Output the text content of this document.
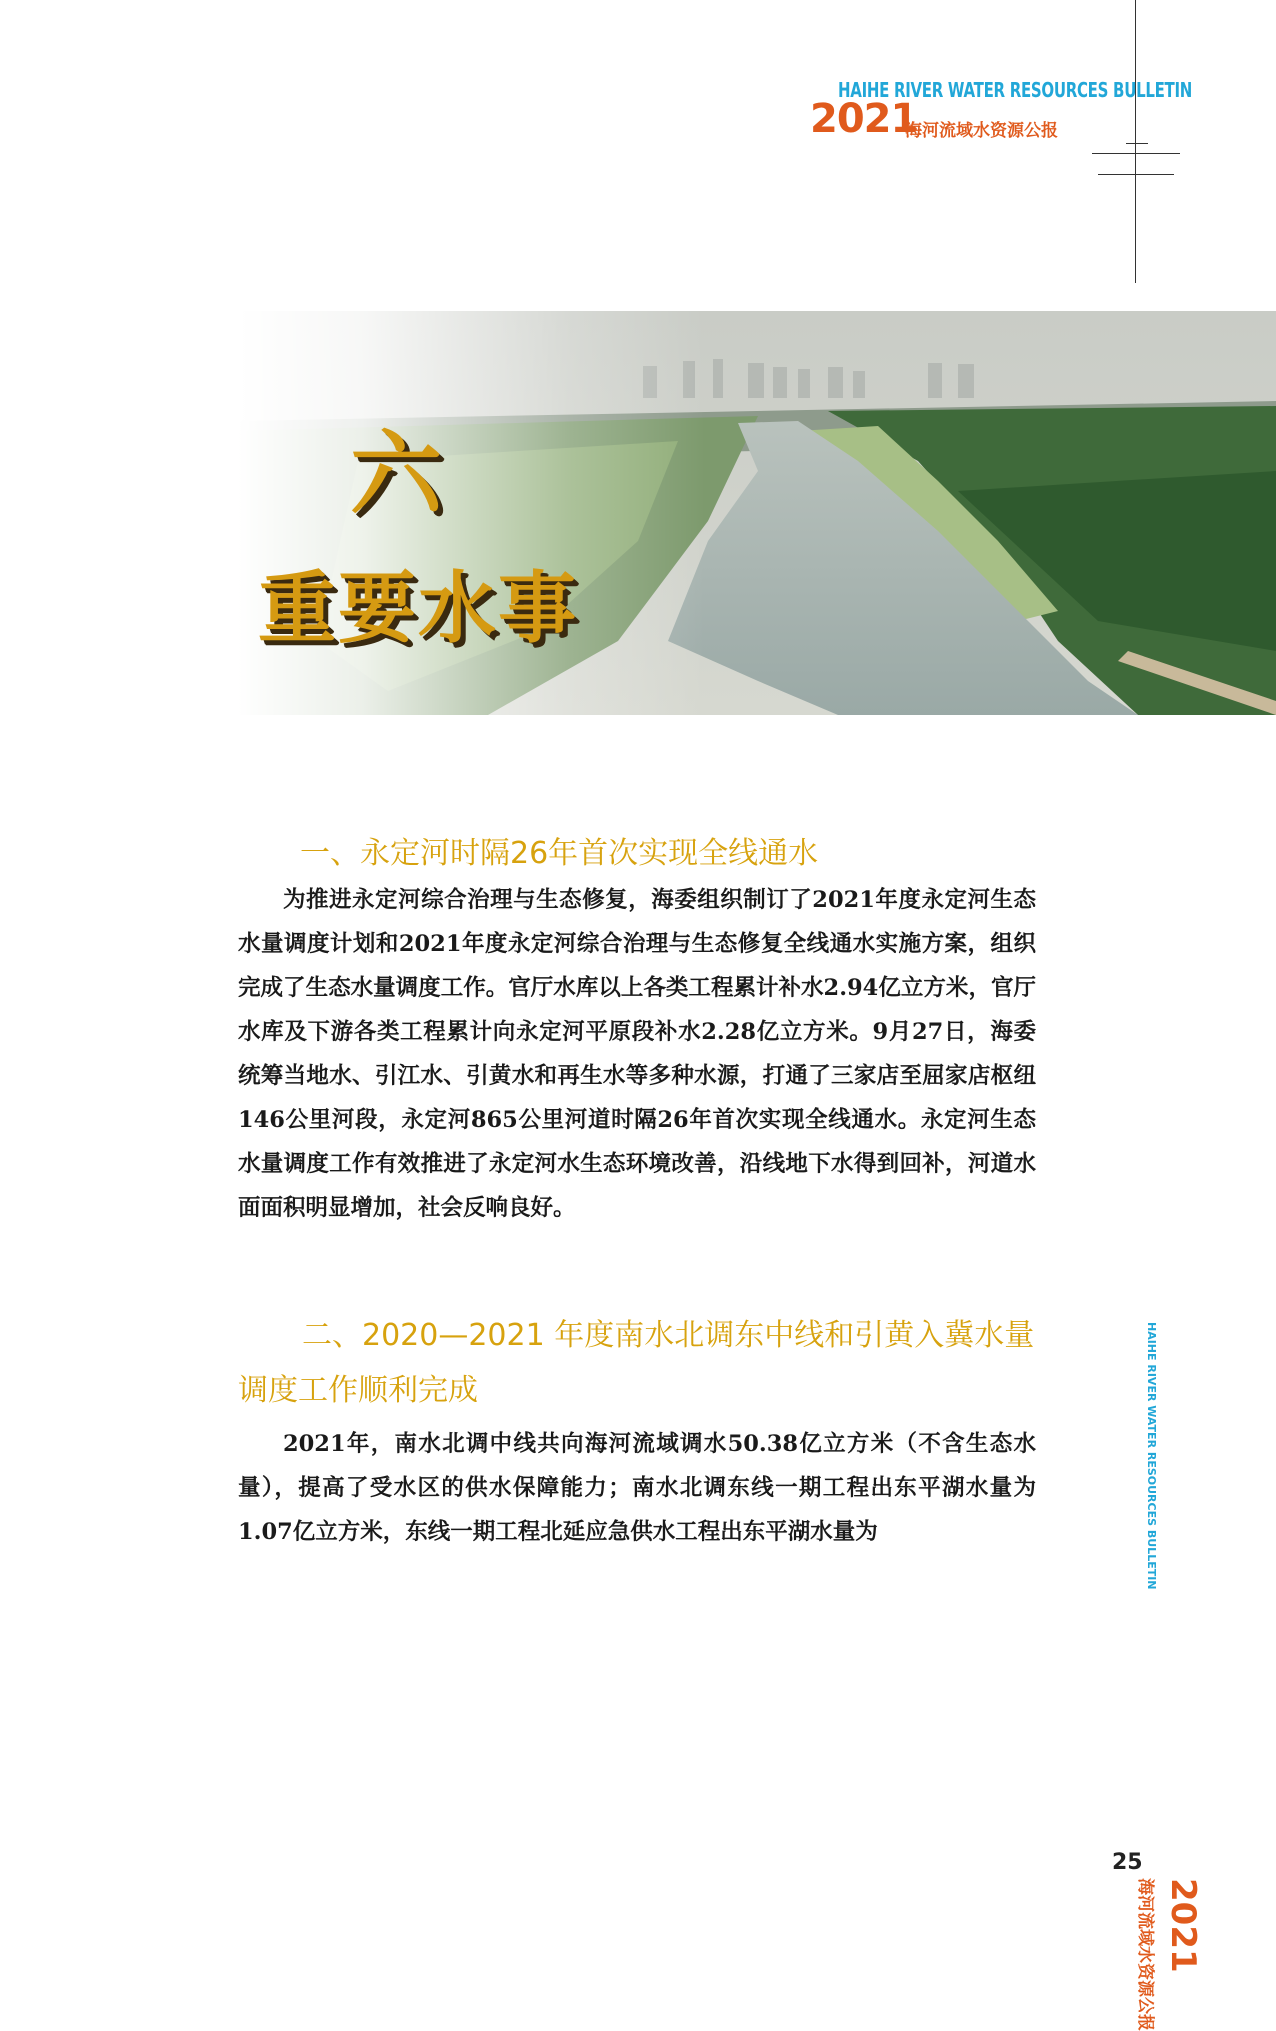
HAIHE RIVER WATER RESOURCES BULLETIN
2021
海河流域水资源公报
六
重要水事
一、永定河时隔26年首次实现全线通水

为推进永定河综合治理与生态修复，海委组织制订了2021年度永定河生态水量调度计划和2021年度永定河综合治理与生态修复全线通水实施方案，组织完成了生态水量调度工作。官厅水库以上各类工程累计补水2.94亿立方米，官厅水库及下游各类工程累计向永定河平原段补水2.28亿立方米。9月27日，海委统筹当地水、引江水、引黄水和再生水等多种水源，打通了三家店至屈家店枢纽146公里河段，永定河865公里河道时隔26年首次实现全线通水。永定河生态水量调度工作有效推进了永定河水生态环境改善，沿线地下水得到回补，河道水面面积明显增加，社会反响良好。

二、2020—2021 年度南水北调东中线和引黄入冀水量调度工作顺利完成

2021年，南水北调中线共向海河流域调水50.38亿立方米（不含生态水量），提高了受水区的供水保障能力；南水北调东线一期工程出东平湖水量为1.07亿立方米，东线一期工程北延应急供水工程出东平湖水量为	HAIHE RIVER WATER RESOURCES BULLETIN
25
2021
海河流域水资源公报
